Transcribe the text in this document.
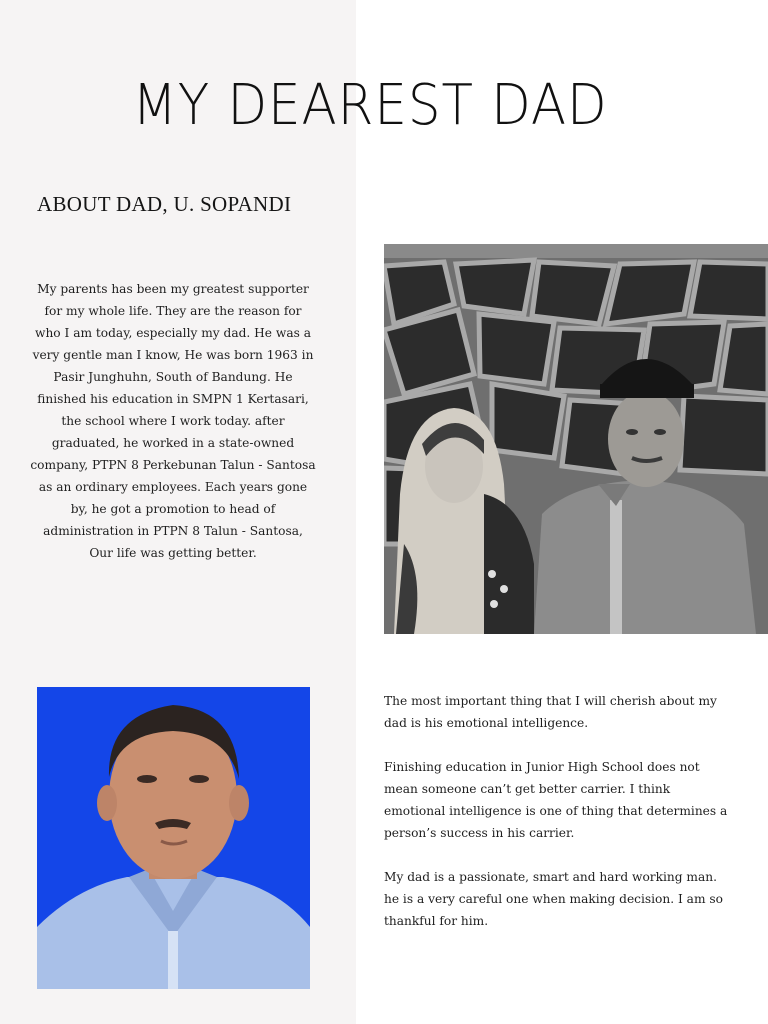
MY DEAREST DAD
ABOUT DAD, U. SOPANDI

My parents has been my greatest supporter for my whole life. They are the reason for who I am today, especially my dad. He was a very gentle man I know, He was born 1963 in Pasir Junghuhn, South of Bandung. He finished his education in SMPN 1 Kertasari, the school where I work today. after graduated, he worked in a state-owned company, PTPN 8 Perkebunan Talun - Santosa as an ordinary employees. Each years gone by, he got a promotion to head of administration in PTPN 8 Talun - Santosa, Our life was getting better.

The most important thing that I will cherish about my dad is his emotional intelligence.

Finishing education in Junior High School does not mean someone can’t get better carrier. I think emotional intelligence is one of thing that determines a person’s success in his carrier.

My dad is a passionate, smart and hard working man. he is a very careful one when making decision. I am so thankful for him.
